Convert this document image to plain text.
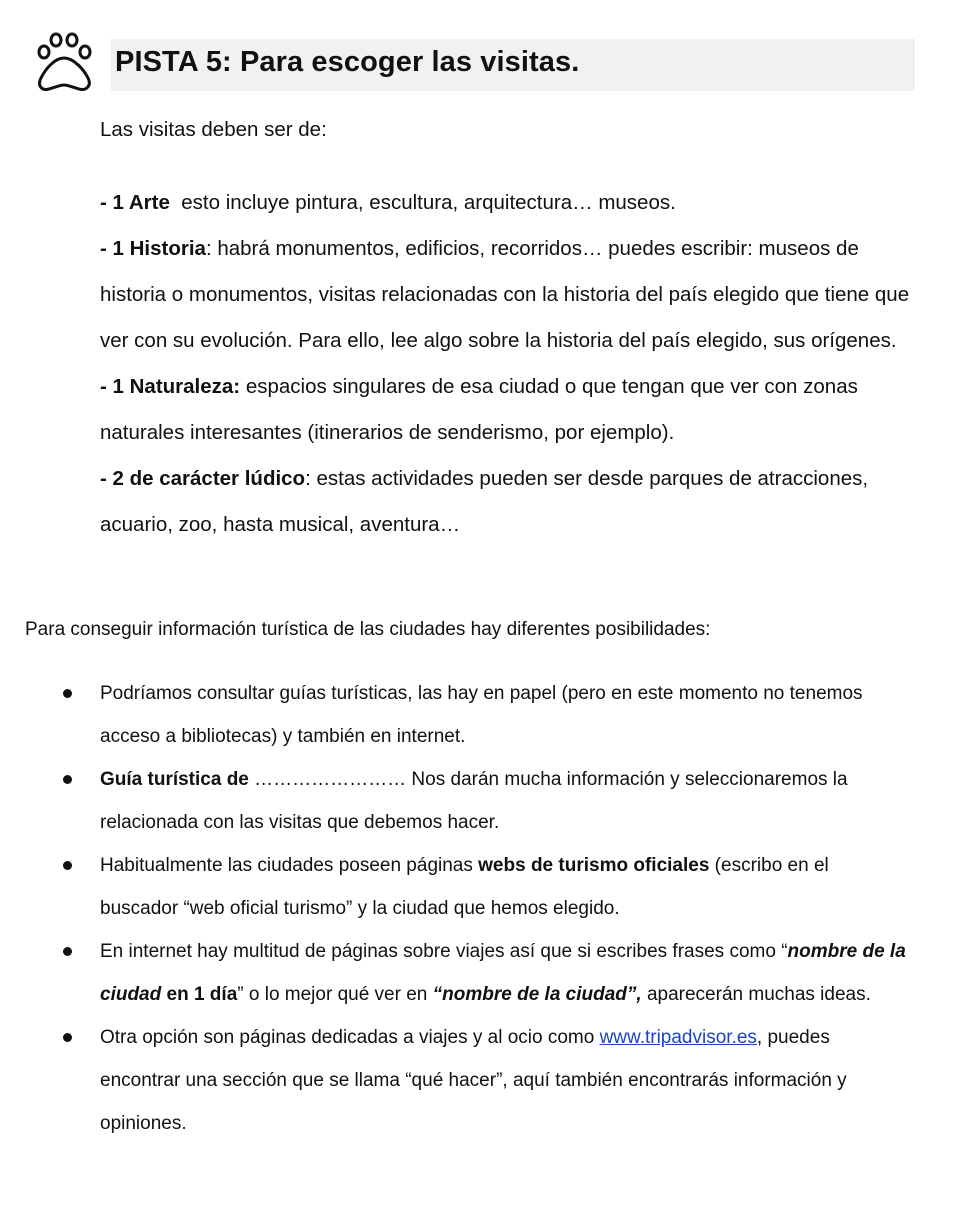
PISTA 5: Para escoger las visitas.
Las visitas deben ser de:

- 1 Arte  esto incluye pintura, escultura, arquitectura… museos.

- 1 Historia: habrá monumentos, edificios, recorridos… puedes escribir: museos de historia o monumentos, visitas relacionadas con la historia del país elegido que tiene que ver con su evolución. Para ello, lee algo sobre la historia del país elegido, sus orígenes.

- 1 Naturaleza: espacios singulares de esa ciudad o que tengan que ver con zonas naturales interesantes (itinerarios de senderismo, por ejemplo).

- 2 de carácter lúdico: estas actividades pueden ser desde parques de atracciones, acuario, zoo, hasta musical, aventura…

Para conseguir información turística de las ciudades hay diferentes posibilidades:
Podríamos consultar guías turísticas, las hay en papel (pero en este momento no tenemos acceso a bibliotecas) y también en internet.
Guía turística de …………………… Nos darán mucha información y seleccionaremos la relacionada con las visitas que debemos hacer.
Habitualmente las ciudades poseen páginas webs de turismo oficiales (escribo en el buscador “web oficial turismo” y la ciudad que hemos elegido.
En internet hay multitud de páginas sobre viajes así que si escribes frases como “nombre de la ciudad en 1 día” o lo mejor qué ver en “nombre de la ciudad”, aparecerán muchas ideas.
Otra opción son páginas dedicadas a viajes y al ocio como www.tripadvisor.es, puedes encontrar una sección que se llama “qué hacer”, aquí también encontrarás información y opiniones.
